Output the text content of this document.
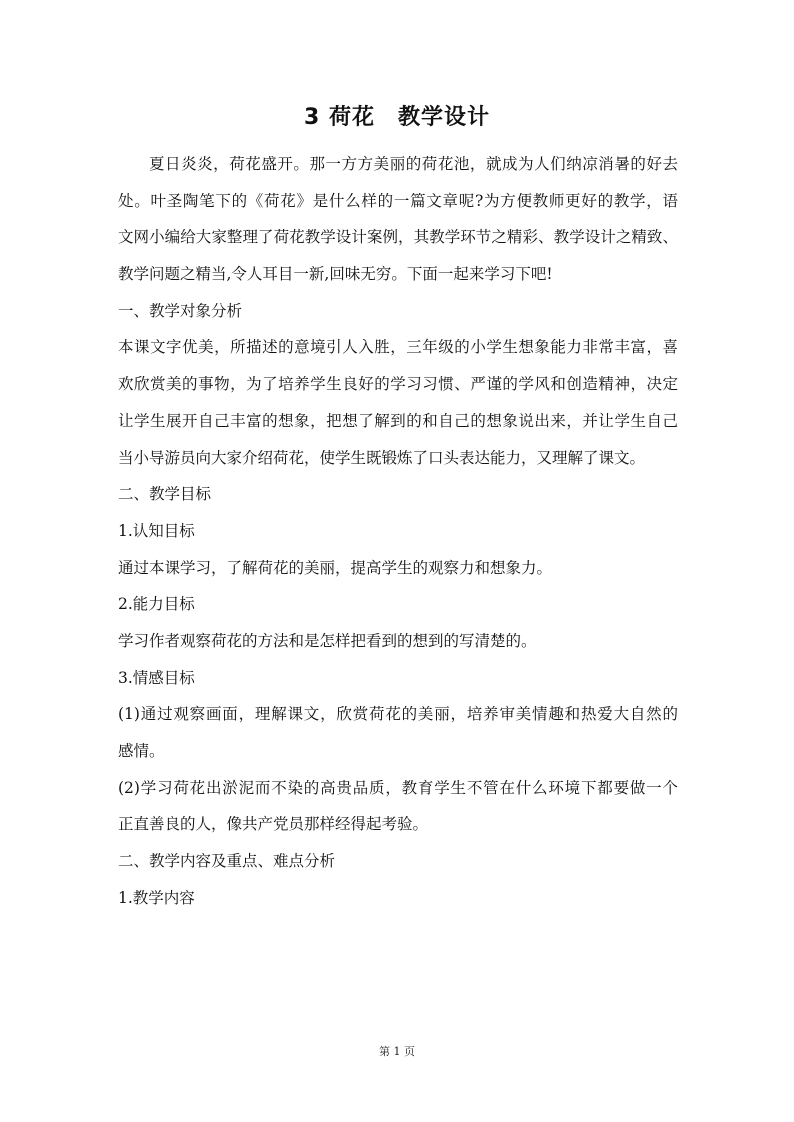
3 荷花　教学设计
夏日炎炎，荷花盛开。那一方方美丽的荷花池，就成为人们纳凉消暑的好去
处。叶圣陶笔下的《荷花》是什么样的一篇文章呢?为方便教师更好的教学，语
文网小编给大家整理了荷花教学设计案例，其教学环节之精彩、教学设计之精致、
教学问题之精当,令人耳目一新,回味无穷。下面一起来学习下吧!
一、教学对象分析
本课文字优美，所描述的意境引人入胜，三年级的小学生想象能力非常丰富，喜
欢欣赏美的事物，为了培养学生良好的学习习惯、严谨的学风和创造精神，决定
让学生展开自己丰富的想象，把想了解到的和自己的想象说出来，并让学生自己
当小导游员向大家介绍荷花，使学生既锻炼了口头表达能力，又理解了课文。
二、教学目标
1.认知目标
通过本课学习，了解荷花的美丽，提高学生的观察力和想象力。
2.能力目标
学习作者观察荷花的方法和是怎样把看到的想到的写清楚的。
3.情感目标
(1)通过观察画面，理解课文，欣赏荷花的美丽，培养审美情趣和热爱大自然的
感情。
(2)学习荷花出淤泥而不染的高贵品质，教育学生不管在什么环境下都要做一个
正直善良的人，像共产党员那样经得起考验。
二、教学内容及重点、难点分析
1.教学内容
第 1 页
